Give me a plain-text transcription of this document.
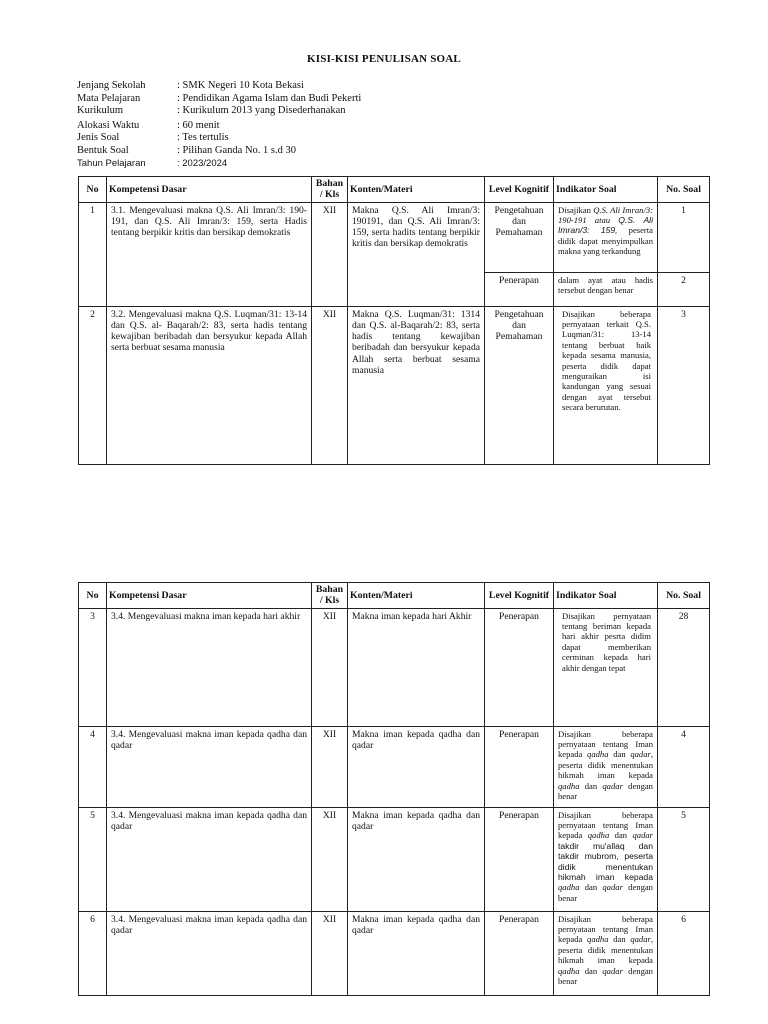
KISI-KISI PENULISAN SOAL
Jenjang Sekolah	: SMK Negeri 10 Kota Bekasi
Mata Pelajaran	: Pendidikan Agama Islam dan Budi Pekerti
Kurikulum	: Kurikulum 2013 yang Disederhanakan
Alokasi Waktu	: 60 menit
Jenis Soal	: Tes tertulis
Bentuk Soal	: Pilihan Ganda No. 1 s.d 30
Tahun Pelajaran	: 2023/2024
No	Kompetensi Dasar	Bahan / Kls	Konten/Materi	Level Kognitif	Indikator Soal	No. Soal
1	3.1. Mengevaluasi makna Q.S. Ali Imran/3: 190-191, dan Q.S. Ali Imran/3: 159, serta Hadis tentang berpikir kritis dan bersikap demokratis	XII	Makna Q.S. Ali Imran/3: 190191, dan Q.S. Ali Imran/3: 159, serta hadits tentang berpikir kritis dan bersikap demokratis	Pengetahuan dan Pemahaman	Disajikan Q.S. Ali Imran/3: 190-191 atau Q.S. Ali Imran/3: 159, peserta didik dapat menyimpulkan makna yang terkandung	1
				Penerapan	dalam ayat atau hadis tersebut dengan benar	2
2	3.2. Mengevaluasi makna Q.S. Luqman/31: 13-14 dan Q.S. al- Baqarah/2: 83, serta hadis tentang kewajiban beribadah dan bersyukur kepada Allah serta berbuat sesama manusia	XII	Makna Q.S. Luqman/31: 1314 dan Q.S. al-Baqarah/2: 83, serta hadis tentang kewajiban beribadah dan bersyukur kepada Allah serta berbuat sesama manusia	Pengetahuan dan Pemahaman	Disajikan beberapa pernyataan terkait Q.S. Luqman/31: 13-14 tentang berbuat baik kepada sesama manusia, peserta didik dapat menguraikan isi kandungan yang sesuai dengan ayat tersebut secara berurutan.	3
No	Kompetensi Dasar	Bahan / Kls	Konten/Materi	Level Kognitif	Indikator Soal	No. Soal
3	3.4. Mengevaluasi makna iman kepada hari akhir	XII	Makna iman kepada hari Akhir	Penerapan	Disajikan pernyataan tentang beriman kepada hari akhir pesrta didim dapat memberikan cerminan kepada hari akhir dengan tepat	28
4	3.4. Mengevaluasi makna iman kepada qadha dan qadar	XII	Makna iman kepada qadha dan qadar	Penerapan	Disajikan beberapa pernyataan tentang Iman kepada qadha dan qadar, peserta didik menentukan hikmah iman kepada qadha dan qadar dengan benar	4
5	3.4. Mengevaluasi makna iman kepada qadha dan qadar	XII	Makna iman kepada qadha dan qadar	Penerapan	Disajikan beberapa pernyataan tentang Iman kepada qadha dan qadar takdir mu'allaq dan takdir mubrom, peserta didik menentukan hikmah iman kepada qadha dan qadar dengan benar	5
6	3.4. Mengevaluasi makna iman kepada qadha dan qadar	XII	Makna iman kepada qadha dan qadar	Penerapan	Disajikan beberapa pernyataan tentang Iman kepada qadha dan qadar, peserta didik menentukan hikmah iman kepada qadha dan qadar dengan benar	6
